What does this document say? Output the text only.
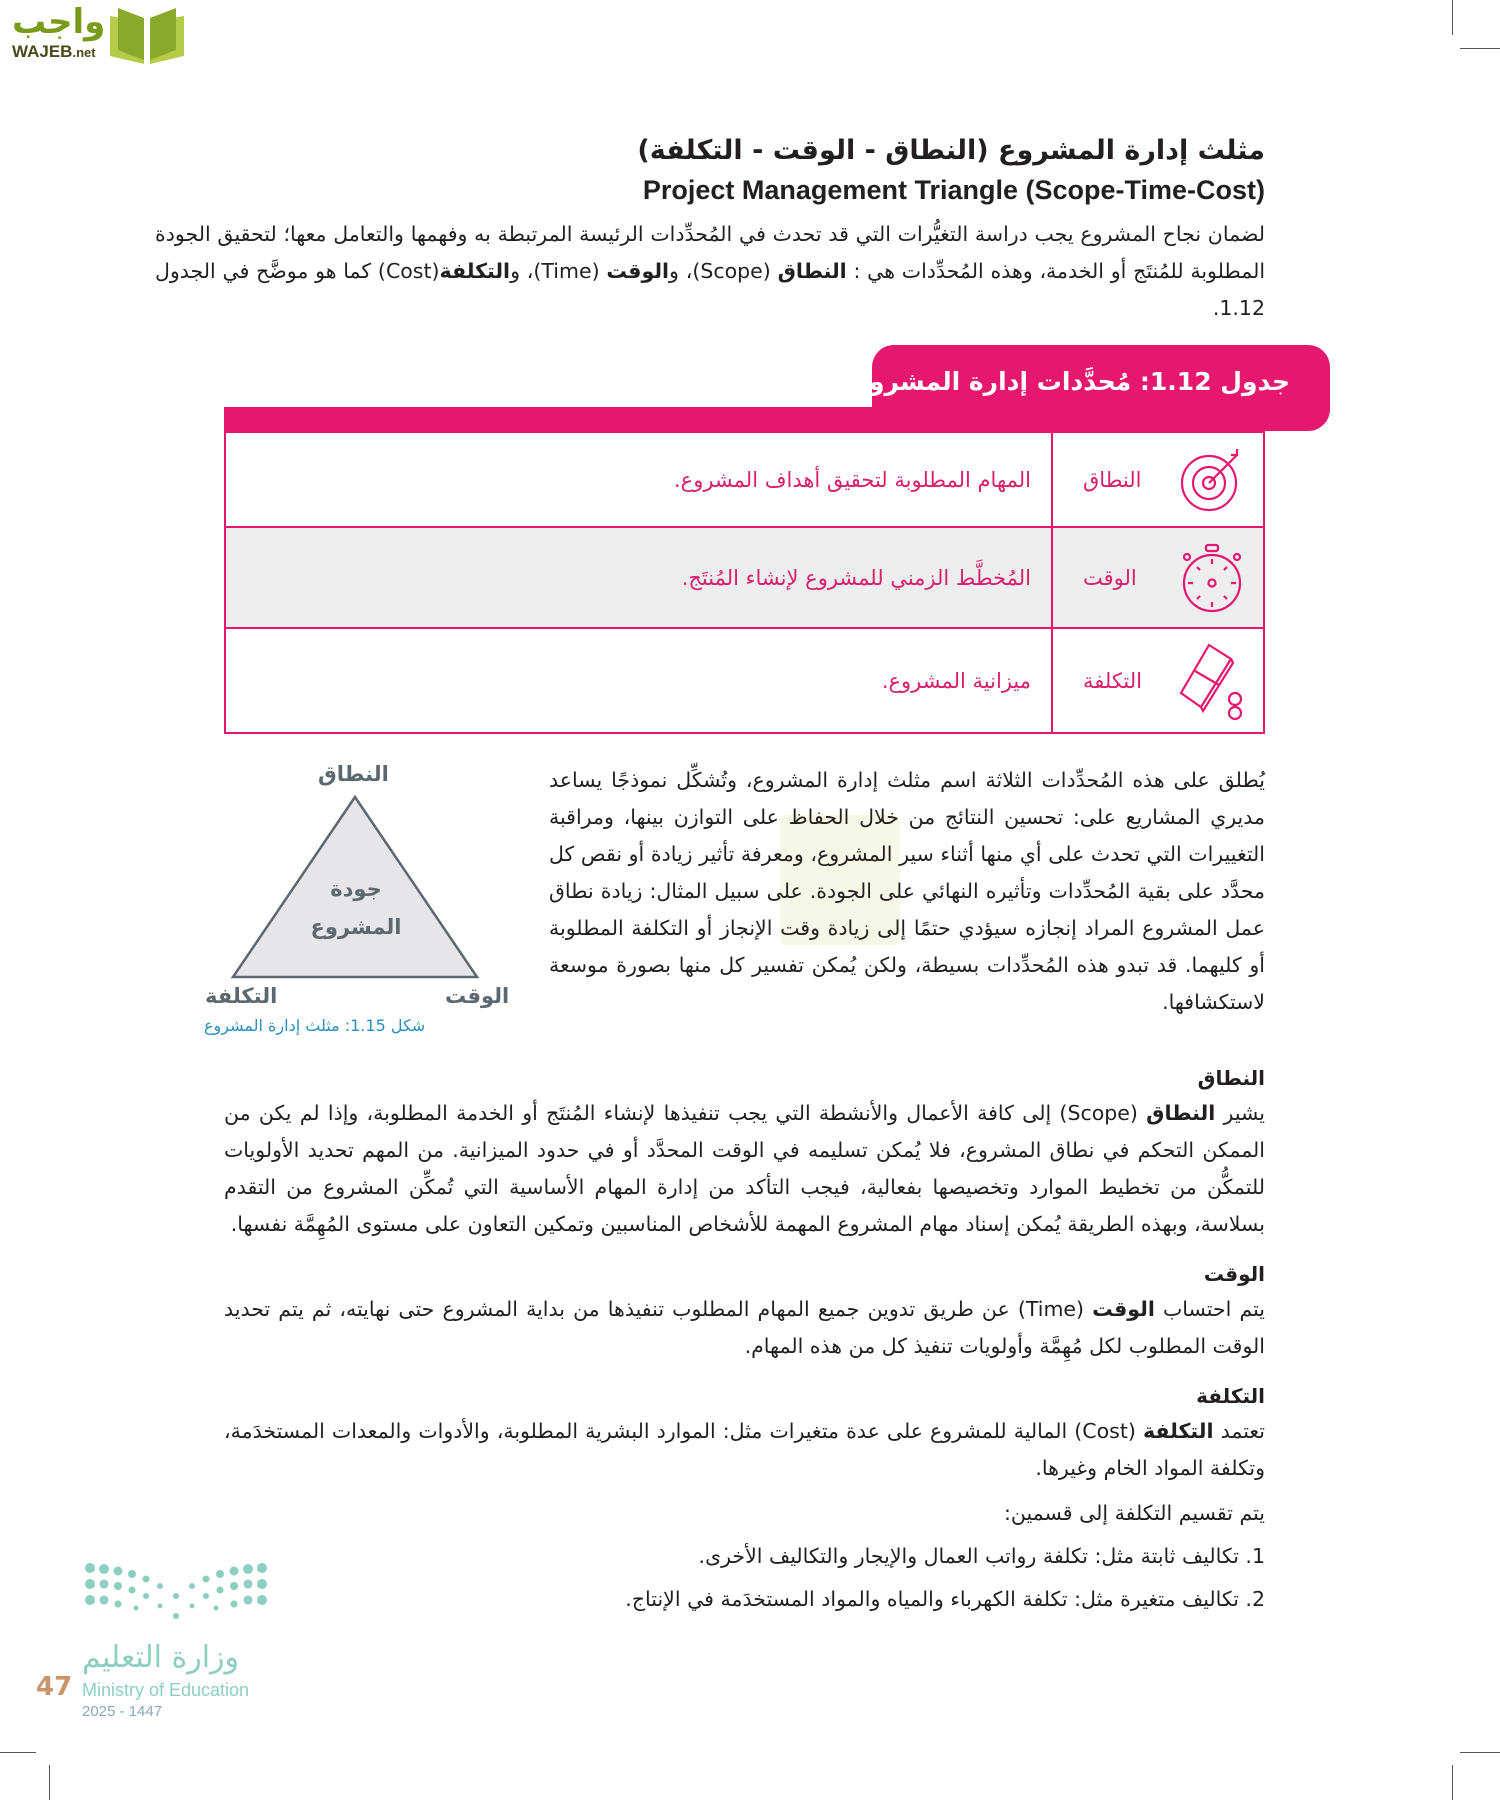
واجب
WAJEB.net
مثلث إدارة المشروع (النطاق - الوقت - التكلفة)
Project Management Triangle (Scope-Time-Cost)
لضمان نجاح المشروع يجب دراسة التغيُّرات التي قد تحدث في المُحدِّدات الرئيسة المرتبطة به وفهمها والتعامل معها؛ لتحقيق الجودة المطلوبة للمُنتَج أو الخدمة، وهذه المُحدِّدات هي : النطاق (Scope)، والوقت (Time)، والتكلفة(Cost) كما هو موضَّح في الجدول 1.12.
جدول 1.12: مُحدَّدات إدارة المشروع
النطاق	المهام المطلوبة لتحقيق أهداف المشروع.

الوقت	المُخطَّط الزمني للمشروع لإنشاء المُنتَج.

التكلفة	ميزانية المشروع.
النطاق
التكلفة	الوقت
جودة
المشروع
شكل 1.15: مثلث إدارة المشروع
يُطلق على هذه المُحدِّدات الثلاثة اسم مثلث إدارة المشروع، وتُشكِّل نموذجًا يساعد مديري المشاريع على: تحسين النتائج من خلال الحفاظ على التوازن بينها، ومراقبة التغييرات التي تحدث على أي منها أثناء سير المشروع، ومعرفة تأثير زيادة أو نقص كل محدَّد على بقية المُحدِّدات وتأثيره النهائي على الجودة. على سبيل المثال: زيادة نطاق عمل المشروع المراد إنجازه سيؤدي حتمًا إلى زيادة وقت الإنجاز أو التكلفة المطلوبة أو كليهما. قد تبدو هذه المُحدِّدات بسيطة، ولكن يُمكن تفسير كل منها بصورة موسعة لاستكشافها.
النطاق
يشير النطاق (Scope) إلى كافة الأعمال والأنشطة التي يجب تنفيذها لإنشاء المُنتَج أو الخدمة المطلوبة، وإذا لم يكن من الممكن التحكم في نطاق المشروع، فلا يُمكن تسليمه في الوقت المحدَّد أو في حدود الميزانية. من المهم تحديد الأولويات للتمكُّن من تخطيط الموارد وتخصيصها بفعالية، فيجب التأكد من إدارة المهام الأساسية التي تُمكِّن المشروع من التقدم بسلاسة، وبهذه الطريقة يُمكن إسناد مهام المشروع المهمة للأشخاص المناسبين وتمكين التعاون على مستوى المُهِمَّة نفسها.
الوقت
يتم احتساب الوقت (Time) عن طريق تدوين جميع المهام المطلوب تنفيذها من بداية المشروع حتى نهايته، ثم يتم تحديد الوقت المطلوب لكل مُهِمَّة وأولويات تنفيذ كل من هذه المهام.
التكلفة
تعتمد التكلفة (Cost) المالية للمشروع على عدة متغيرات مثل: الموارد البشرية المطلوبة، والأدوات والمعدات المستخدَمة، وتكلفة المواد الخام وغيرها.
يتم تقسيم التكلفة إلى قسمين:
1. تكاليف ثابتة مثل: تكلفة رواتب العمال والإيجار والتكاليف الأخرى.
2. تكاليف متغيرة مثل: تكلفة الكهرباء والمياه والمواد المستخدَمة في الإنتاج.
وزارة التعليم
Ministry of Education
2025 - 1447
47
